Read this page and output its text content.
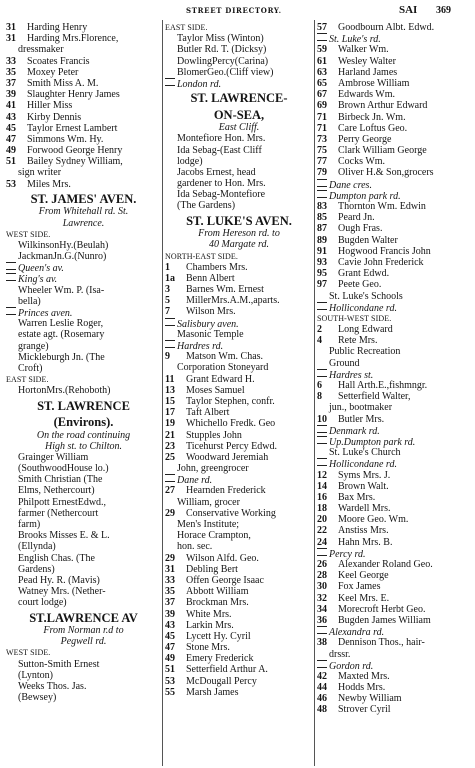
STREET DIRECTORY.	SAI 369
31 Harding Henry
31 Harding Mrs.Florence,
dressmaker
33 Scoates Francis
35 Moxey Peter
37 Smith Miss A. M.
39 Slaughter Henry James
41 Hiller Miss
43 Kirby Dennis
45 Taylor Ernest Lambert
47 Simmons Wm. Hy.
49 Forwood George Henry
51 Bailey Sydney William,
sign writer
53 Miles Mrs.
ST. JAMES' AVEN.
From Whitehall rd. St.
Lawrence.
WEST SIDE.
WilkinsonHy.(Beulah)
JackmanJn.G.(Nunro)
Queen's av.
King's av.
Wheeler Wm. P. (Isa-
bella)
Princes aven.
Warren Leslie Roger,
estate agt. (Rosemary
grange)
Mickleburgh Jn. (The
Croft)
EAST SIDE.
HortonMrs.(Rehoboth)
ST. LAWRENCE
(Environs).
On the road continuing
High st. to Chilton.
Grainger William
(SouthwoodHouse lo.)
Smith Christian (The
Elms, Nethercourt)
Philpott ErnestEdwd.,
farmer (Nethercourt
farm)
Brooks Misses E. & L.
(Ellynda)
English Chas. (The
Gardens)
Pead Hy. R. (Mavis)
Watney Mrs. (Nether-
court lodge)
ST.LAWRENCE AV
From Norman r.d to
Pegwell rd.
WEST SIDE.
Sutton-Smith Ernest
(Lynton)
Weeks Thos. Jas.
(Bewsey)
EAST SIDE.
Taylor Miss (Winton)
Butler Rd. T. (Dicksy)
DowlingPercy(Carina)
BlomerGeo.(Cliff view)
London rd.
ST. LAWRENCE-
ON-SEA,
East Cliff.
Montefiore Hon. Mrs.
Ida Sebag-(East Cliff
lodge)
Jacobs Ernest, head
gardener to Hon. Mrs.
Ida Sebag-Montefiore
(The Gardens)
ST. LUKE'S AVEN.
From Hereson rd. to
40 Margate rd.
NORTH-EAST SIDE.
1 Chambers Mrs.
1a Benn Albert
3 Barnes Wm. Ernest
5 MillerMrs.A.M.,aparts.
7 Wilson Mrs.
Salisbury aven.
Masonic Temple
Hardres rd.
9 Matson Wm. Chas.
Corporation Stoneyard
11 Grant Edward H.
13 Moses Samuel
15 Taylor Stephen, confr.
17 Taft Albert
19 Whichello Fredk. Geo
21 Stupples John
23 Ticehurst Percy Edwd.
25 Woodward Jeremiah
John, greengrocer
Dane rd.
27 Hearnden Frederick
William, grocer
29 Conservative Working
Men's Institute;
Horace Crampton,
hon. sec.
29 Wilson Alfd. Geo.
31 Debling Bert
33 Offen George Isaac
35 Abbott William
37 Brockman Mrs.
39 White Mrs.
43 Larkin Mrs.
45 Lycett Hy. Cyril
47 Stone Mrs.
49 Emery Frederick
51 Setterfield Arthur A.
53 McDougall Percy
55 Marsh James
57 Goodbourn Albt. Edwd.
St. Luke's rd.
59 Walker Wm.
61 Wesley Walter
63 Harland James
65 Ambrose William
67 Edwards Wm.
69 Brown Arthur Edward
71 Birbeck Jn. Wm.
71 Care Loftus Geo.
73 Perry George
75 Clark William George
77 Cocks Wm.
79 Oliver H.& Son,grocers
Dane cres.
Dumpton park rd.
83 Thornton Wm. Edwin
85 Peard Jn.
87 Ough Fras.
89 Bugden Walter
91 Hogwood Francis John
93 Cavie John Frederick
95 Grant Edwd.
97 Peete Geo.
St. Luke's Schools
Hollicondane rd.
SOUTH-WEST SIDE.
2 Long Edward
4 Rete Mrs.
Public Recreation
Ground
Hardres st.
6 Hall Arth.E.,fishmngr.
8 Setterfield Walter,
jun., bootmaker
10 Butler Mrs.
Denmark rd.
Up.Dumpton park rd.
St. Luke's Church
Hollicondane rd.
12 Syms Mrs. J.
14 Brown Walt.
16 Bax Mrs.
18 Wardell Mrs.
20 Moore Geo. Wm.
22 Anstiss Mrs.
24 Hahn Mrs. B.
Percy rd.
26 Alexander Roland Geo.
28 Keel George
30 Fox James
32 Keel Mrs. E.
34 Morecroft Herbt Geo.
36 Bugden James William
Alexandra rd.
38 Dennison Thos., hair-
drssr.
Gordon rd.
42 Maxted Mrs.
44 Hodds Mrs.
46 Newby William
48 Strover Cyril
